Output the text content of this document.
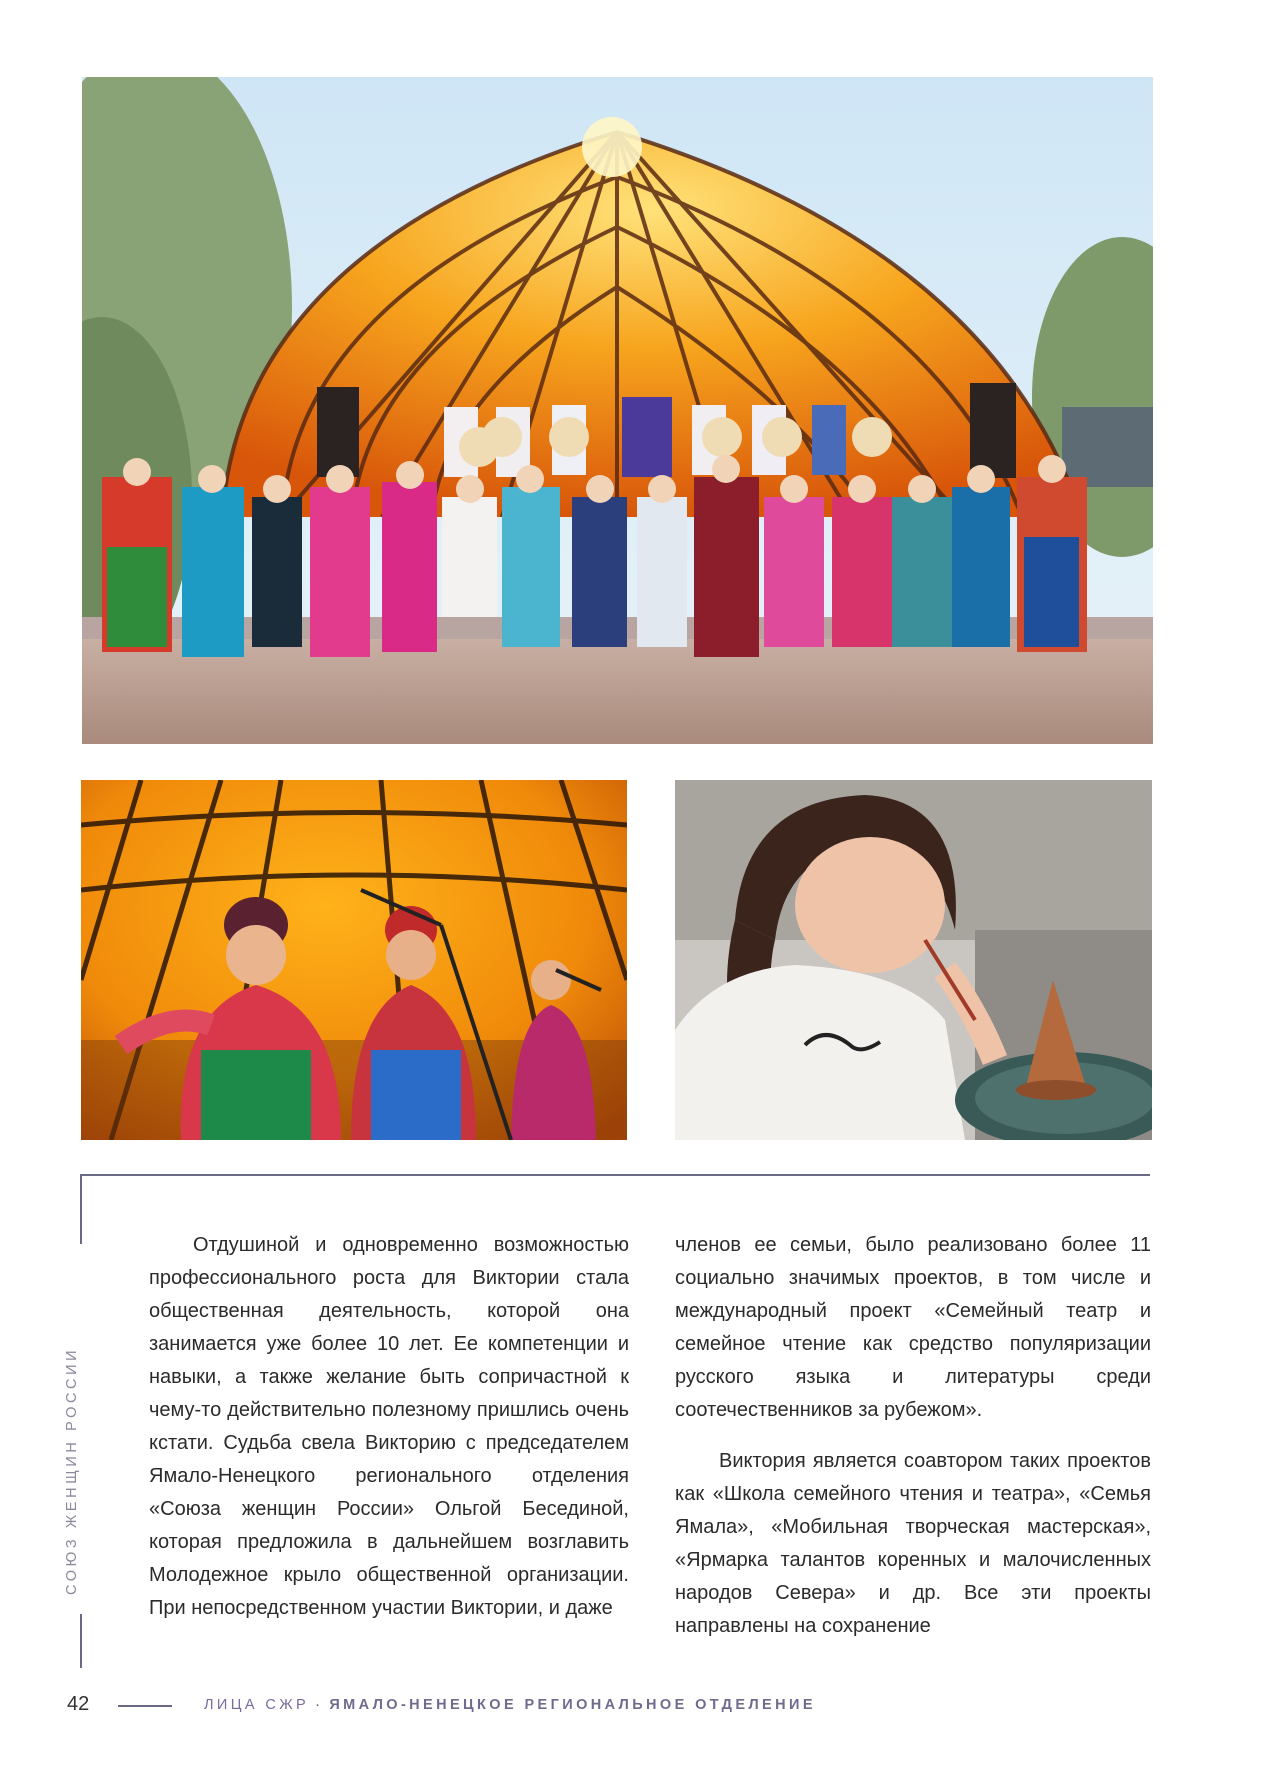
СОЮЗ ЖЕНЩИН РОССИИ

Отдушиной и одновременно возможностью профессионального роста для Виктории стала общественная деятельность, которой она занимается уже более 10 лет. Ее компетенции и навыки, а также желание быть сопричастной к чему-то действительно полезному пришлись очень кстати. Судьба свела Викторию с председателем Ямало-Ненецкого регионального отделения «Союза женщин России» Ольгой Бесединой, которая предложила в дальнейшем возглавить Молодежное крыло общественной организации. При непосредственном участии Виктории, и даже

членов ее семьи, было реализовано более 11 социально значимых проектов, в том числе и международный проект «Семейный театр и семейное чтение как средство популяризации русского языка и литературы среди соотечественников за рубежом».

Виктория является соавтором таких проектов как «Школа семейного чтения и театра», «Семья Ямала», «Мобильная творческая мастерская», «Ярмарка талантов коренных и малочисленных народов Севера» и др. Все эти проекты направлены на сохранение

42	ЛИЦА СЖР · ЯМАЛО-НЕНЕЦКОЕ РЕГИОНАЛЬНОЕ ОТДЕЛЕНИЕ
